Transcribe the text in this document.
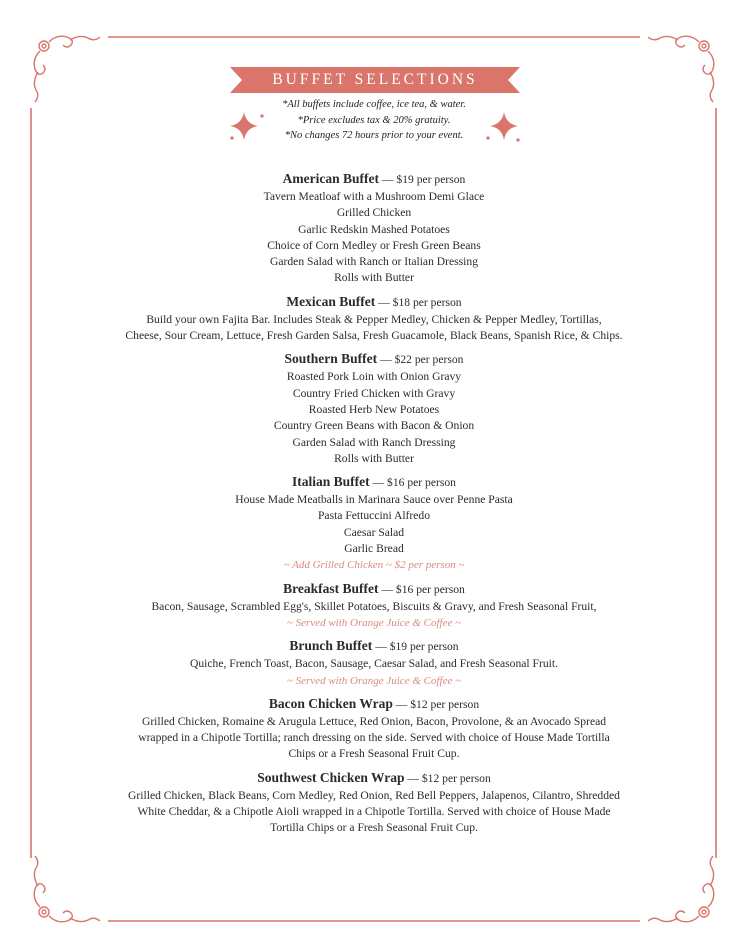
BUFFET SELECTIONS
*All buffets include coffee, ice tea, & water.
*Price excludes tax & 20% gratuity.
*No changes 72 hours prior to your event.
American Buffet — $19 per person
Tavern Meatloaf with a Mushroom Demi Glace
Grilled Chicken
Garlic Redskin Mashed Potatoes
Choice of Corn Medley or Fresh Green Beans
Garden Salad with Ranch or Italian Dressing
Rolls with Butter
Mexican Buffet — $18 per person
Build your own Fajita Bar. Includes Steak & Pepper Medley, Chicken & Pepper Medley, Tortillas,
Cheese, Sour Cream, Lettuce, Fresh Garden Salsa, Fresh Guacamole, Black Beans, Spanish Rice, & Chips.
Southern Buffet — $22 per person
Roasted Pork Loin with Onion Gravy
Country Fried Chicken with Gravy
Roasted Herb New Potatoes
Country Green Beans with Bacon & Onion
Garden Salad with Ranch Dressing
Rolls with Butter
Italian Buffet — $16 per person
House Made Meatballs in Marinara Sauce over Penne Pasta
Pasta Fettuccini Alfredo
Caesar Salad
Garlic Bread
~ Add Grilled Chicken ~ $2 per person ~
Breakfast Buffet — $16 per person
Bacon, Sausage, Scrambled Egg's, Skillet Potatoes, Biscuits & Gravy, and Fresh Seasonal Fruit,
~ Served with Orange Juice & Coffee ~
Brunch Buffet — $19 per person
Quiche, French Toast, Bacon, Sausage, Caesar Salad, and Fresh Seasonal Fruit.
~ Served with Orange Juice & Coffee ~
Bacon Chicken Wrap — $12 per person
Grilled Chicken, Romaine & Arugula Lettuce, Red Onion, Bacon, Provolone, & an Avocado Spread
wrapped in a Chipotle Tortilla; ranch dressing on the side. Served with choice of House Made Tortilla
Chips or a Fresh Seasonal Fruit Cup.
Southwest Chicken Wrap — $12 per person
Grilled Chicken, Black Beans, Corn Medley, Red Onion, Red Bell Peppers, Jalapenos, Cilantro, Shredded
White Cheddar, & a Chipotle Aioli wrapped in a Chipotle Tortilla. Served with choice of House Made
Tortilla Chips or a Fresh Seasonal Fruit Cup.
